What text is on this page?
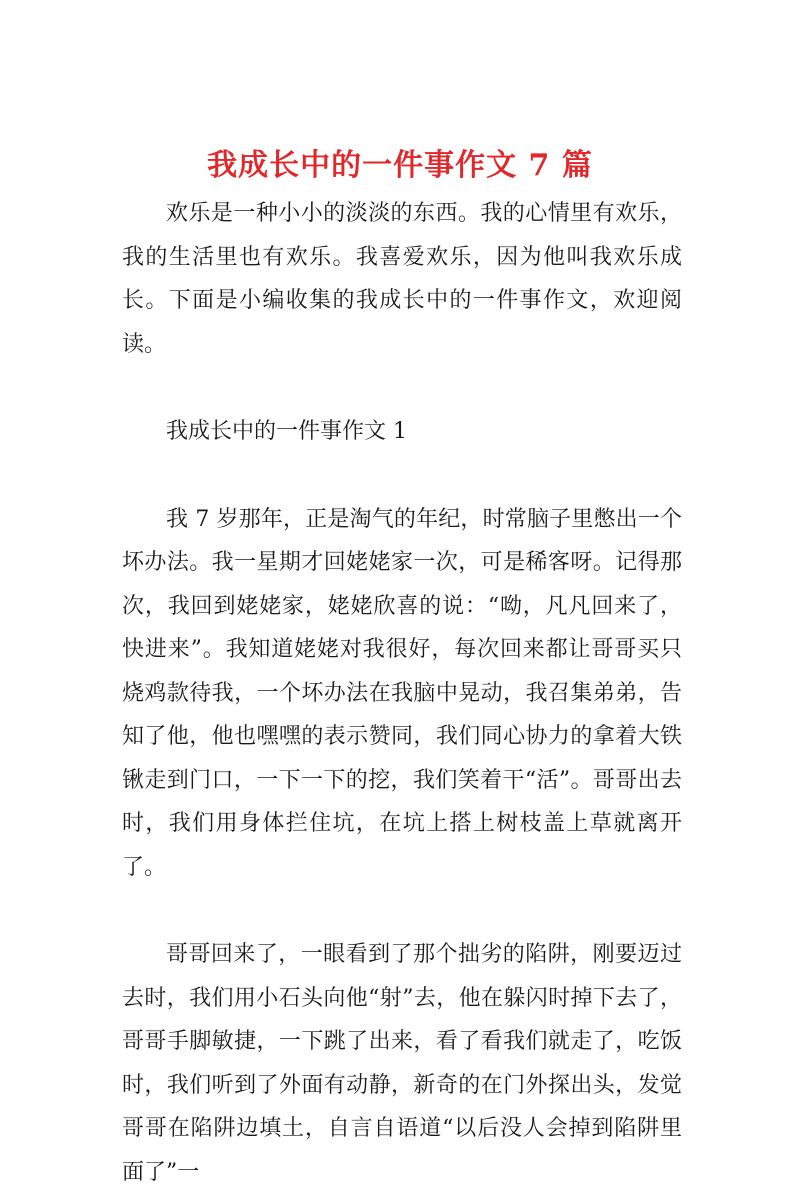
我成长中的一件事作文 7 篇

欢乐是一种小小的淡淡的东西。我的心情里有欢乐，我的生活里也有欢乐。我喜爱欢乐，因为他叫我欢乐成长。下面是小编收集的我成长中的一件事作文，欢迎阅读。

我成长中的一件事作文 1

我 7 岁那年，正是淘气的年纪，时常脑子里憋出一个坏办法。我一星期才回姥姥家一次，可是稀客呀。记得那次，我回到姥姥家，姥姥欣喜的说：“呦，凡凡回来了，快进来”。我知道姥姥对我很好，每次回来都让哥哥买只烧鸡款待我，一个坏办法在我脑中晃动，我召集弟弟，告知了他，他也嘿嘿的表示赞同，我们同心协力的拿着大铁锹走到门口，一下一下的挖，我们笑着干“活”。哥哥出去时，我们用身体拦住坑，在坑上搭上树枝盖上草就离开了。

哥哥回来了，一眼看到了那个拙劣的陷阱，刚要迈过去时，我们用小石头向他“射”去，他在躲闪时掉下去了，哥哥手脚敏捷，一下跳了出来，看了看我们就走了，吃饭时，我们听到了外面有动静，新奇的在门外探出头，发觉哥哥在陷阱边填土，自言自语道“以后没人会掉到陷阱里面了”一
